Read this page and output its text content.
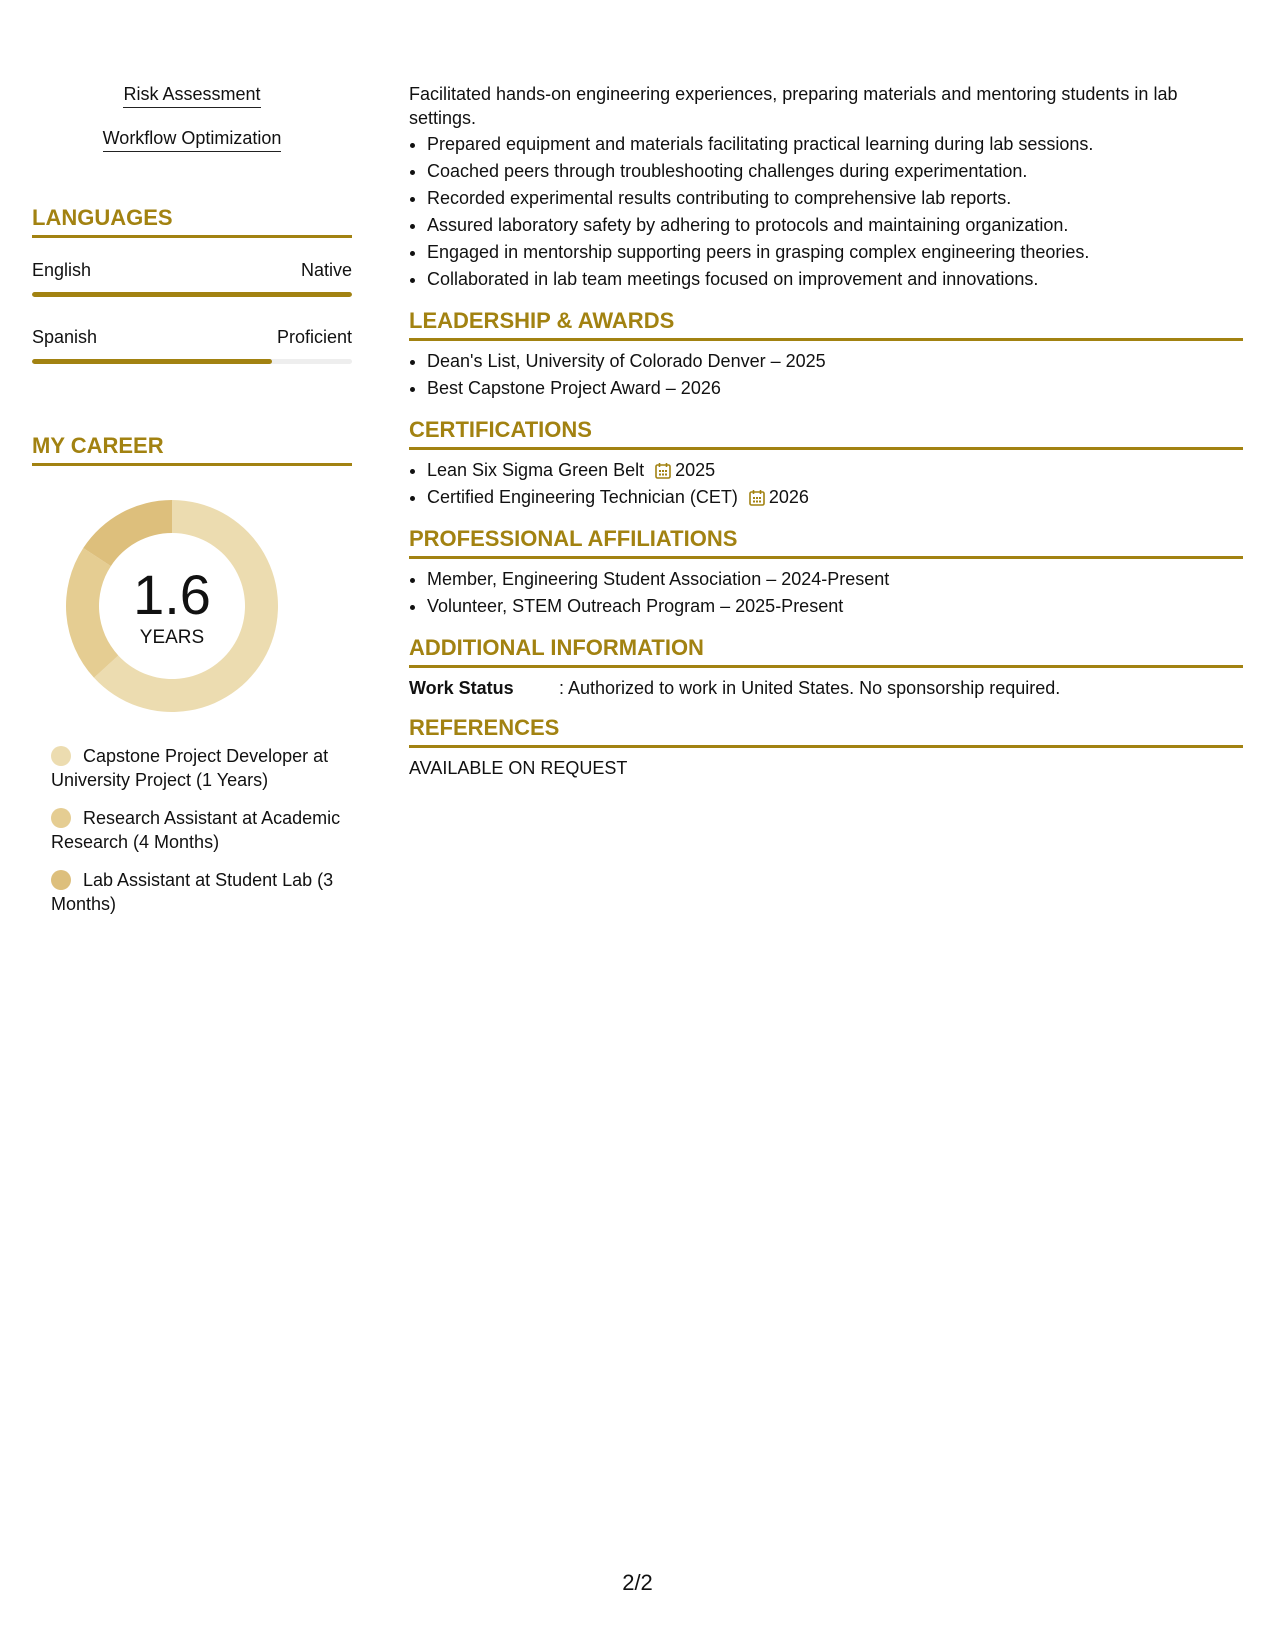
Risk Assessment
Workflow Optimization
LANGUAGES
English	Native
Spanish	Proficient
MY CAREER
1.6
YEARS
Capstone Project Developer at University Project (1 Years)
Research Assistant at Academic Research (4 Months)
Lab Assistant at Student Lab (3 Months)
Facilitated hands-on engineering experiences, preparing materials and mentoring students in lab settings.
• Prepared equipment and materials facilitating practical learning during lab sessions.
• Coached peers through troubleshooting challenges during experimentation.
• Recorded experimental results contributing to comprehensive lab reports.
• Assured laboratory safety by adhering to protocols and maintaining organization.
• Engaged in mentorship supporting peers in grasping complex engineering theories.
• Collaborated in lab team meetings focused on improvement and innovations.
LEADERSHIP & AWARDS
• Dean's List, University of Colorado Denver – 2025
• Best Capstone Project Award – 2026
CERTIFICATIONS
• Lean Six Sigma Green Belt 2025
• Certified Engineering Technician (CET) 2026
PROFESSIONAL AFFILIATIONS
• Member, Engineering Student Association – 2024-Present
• Volunteer, STEM Outreach Program – 2025-Present
ADDITIONAL INFORMATION
Work Status	: Authorized to work in United States. No sponsorship required.
REFERENCES
AVAILABLE ON REQUEST
2/2
